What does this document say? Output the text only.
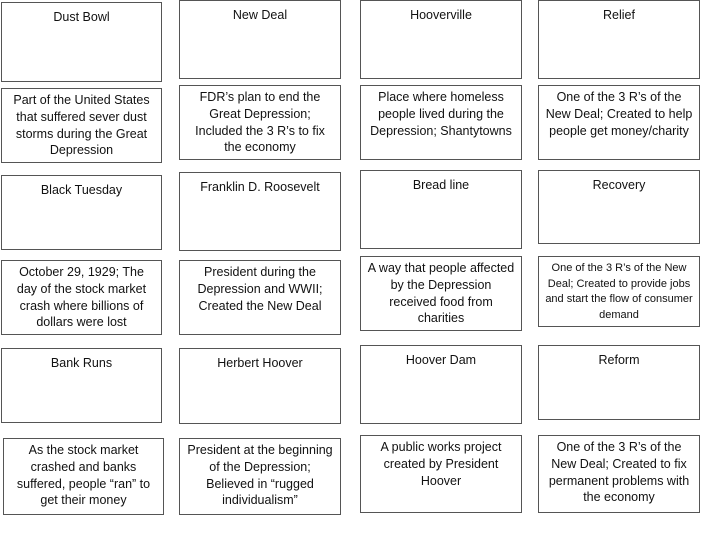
Dust Bowl
Part of the United States that suffered sever dust storms during the Great Depression
Black Tuesday
October 29, 1929; The day of the stock market crash where billions of dollars were lost
Bank Runs
As the stock market crashed and banks suffered, people “ran” to get their money
New Deal
FDR’s plan to end the Great Depression; Included the 3 R’s to fix the economy
Franklin D. Roosevelt
President during the Depression and WWII; Created the New Deal
Herbert Hoover
President at the beginning of the Depression; Believed in “rugged individualism”
Hooverville
Place where homeless people lived during the Depression; Shantytowns
Bread line
A way that people affected by the Depression received food from charities
Hoover Dam
A public works project created by President Hoover
Relief
One of the 3 R’s of the New Deal; Created to help people get money/charity
Recovery
One of the 3 R’s of the New Deal; Created to provide jobs and start the flow of consumer demand
Reform
One of the 3 R’s of the New Deal; Created to fix permanent problems with the economy
